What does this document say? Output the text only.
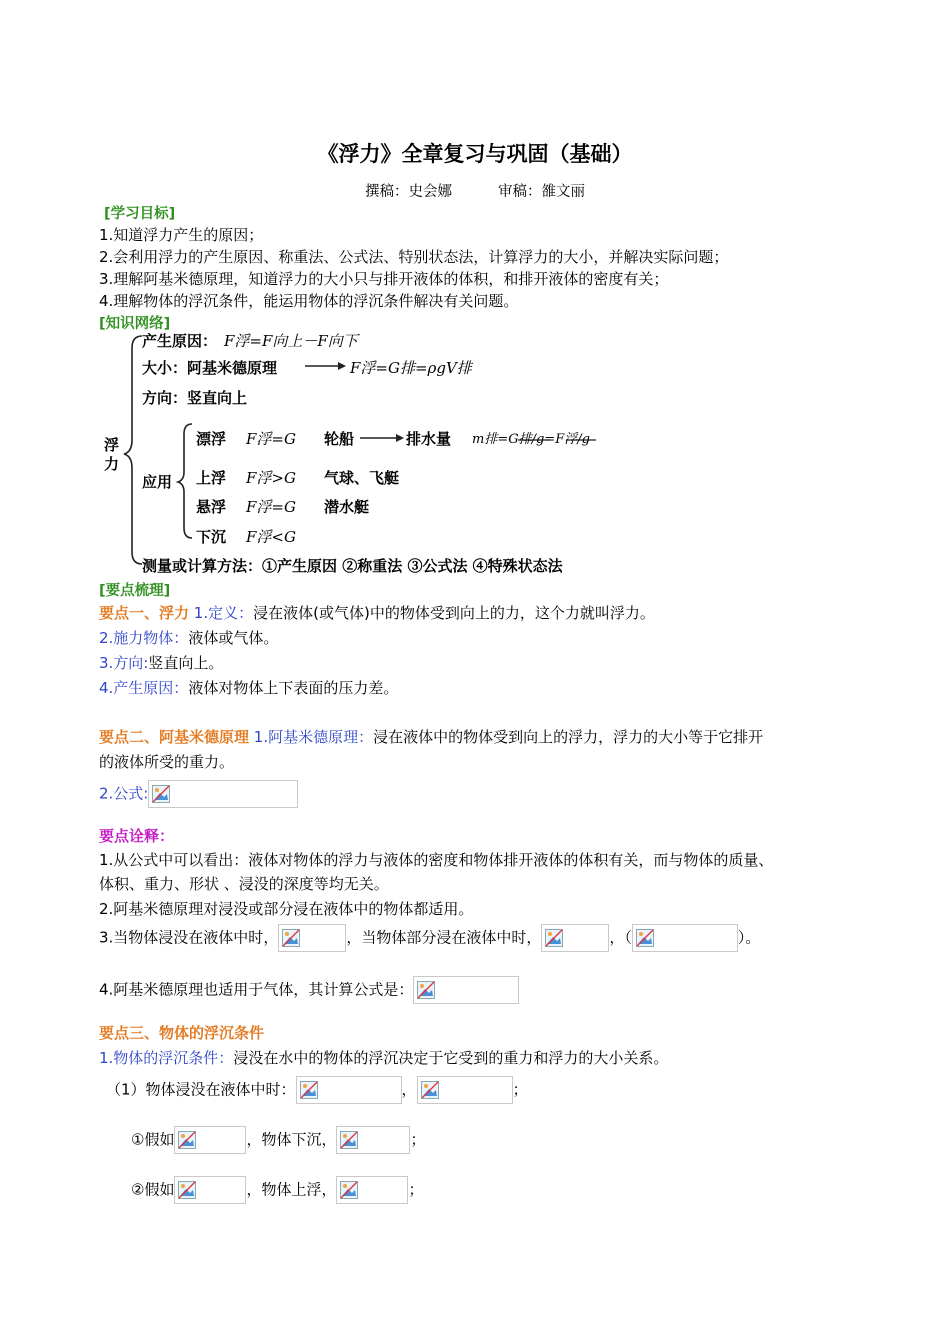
《浮力》全章复习与巩固（基础）
撰稿：史会娜	审稿：雒文丽
[学习目标]
1.知道浮力产生的原因；
2.会利用浮力的产生原因、称重法、公式法、特别状态法，计算浮力的大小，并解决实际问题；
3.理解阿基米德原理，知道浮力的大小只与排开液体的体积，和排开液体的密度有关；
4.理解物体的浮沉条件，能运用物体的浮沉条件解决有关问题。
[知识网络]
浮力
产生原因： F浮=F向上－F向下
大小：阿基米德原理	F浮=G排=ρgV排
方向：竖直向上
应用
漂浮 F浮=G 轮船	排水量 m排=G排/g=F浮/g
上浮 F浮>G 气球、飞艇
悬浮 F浮=G 潜水艇
下沉 F浮<G
测量或计算方法：①产生原因 ②称重法 ③公式法 ④特殊状态法
[要点梳理]
要点一、浮力 1.定义：浸在液体(或气体)中的物体受到向上的力，这个力就叫浮力。
2.施力物体：液体或气体。
3.方向:竖直向上。
4.产生原因：液体对物体上下表面的压力差。
要点二、阿基米德原理 1.阿基米德原理：浸在液体中的物体受到向上的浮力，浮力的大小等于它排开
的液体所受的重力。
2.公式:
要点诠释：
1.从公式中可以看出：液体对物体的浮力与液体的密度和物体排开液体的体积有关，而与物体的质量、
体积、重力、形状 、浸没的深度等均无关。
2.阿基米德原理对浸没或部分浸在液体中的物体都适用。
3.当物体浸没在液体中时，	，当物体部分浸在液体中时，	，（	）。
4.阿基米德原理也适用于气体，其计算公式是：
要点三、物体的浮沉条件
1.物体的浮沉条件：浸没在水中的物体的浮沉决定于它受到的重力和浮力的大小关系。
（1）物体浸没在液体中时：	，	；
①假如	，物体下沉，	；
②假如	，物体上浮，	；
